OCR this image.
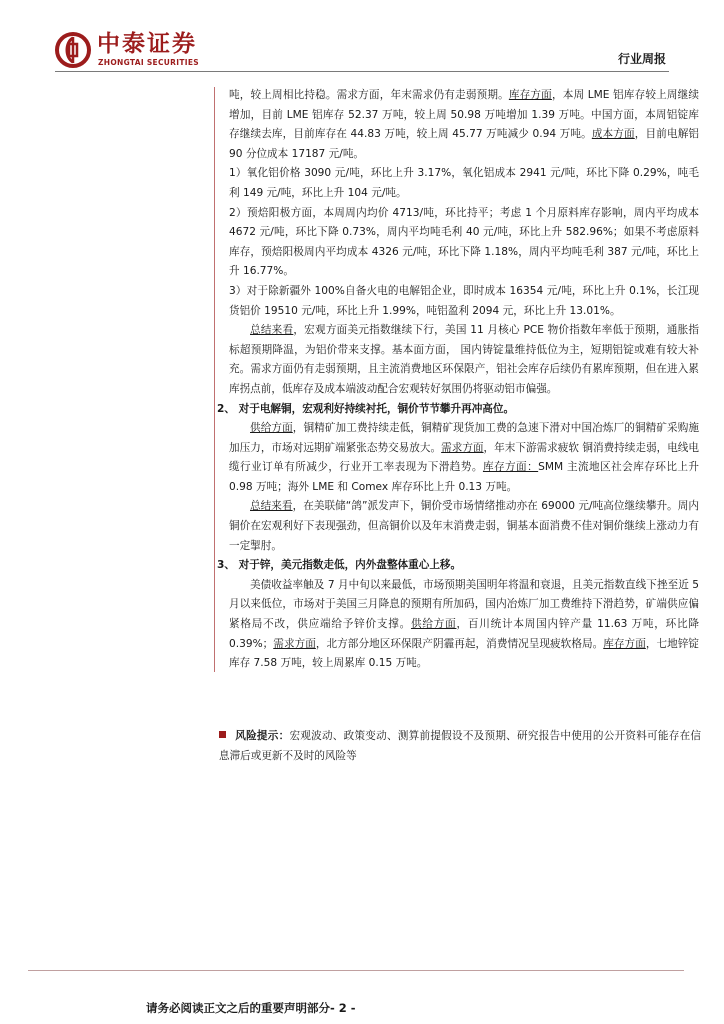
中泰证券
ZHONGTAI SECURITIES	行业周报

吨，较上周相比持稳。需求方面，年末需求仍有走弱预期。库存方面，本周 LME 铝库存较上周继续增加，目前 LME 铝库存 52.37 万吨，较上周 50.98 万吨增加 1.39 万吨。中国方面，本周铝锭库存继续去库，目前库存在 44.83 万吨，较上周 45.77 万吨减少 0.94 万吨。成本方面，目前电解铝 90 分位成本 17187 元/吨。

1）氧化铝价格 3090 元/吨，环比上升 3.17%，氧化铝成本 2941 元/吨，环比下降 0.29%，吨毛利 149 元/吨，环比上升 104 元/吨。

2）预焙阳极方面，本周周内均价 4713/吨，环比持平；考虑 1 个月原料库存影响，周内平均成本 4672 元/吨，环比下降 0.73%，周内平均吨毛利 40 元/吨，环比上升 582.96%；如果不考虑原料库存，预焙阳极周内平均成本 4326 元/吨，环比下降 1.18%，周内平均吨毛利 387 元/吨，环比上升 16.77%。

3）对于除新疆外 100%自备火电的电解铝企业，即时成本 16354 元/吨，环比上升 0.1%，长江现货铝价 19510 元/吨，环比上升 1.99%，吨铝盈利 2094 元，环比上升 13.01%。

总结来看，宏观方面美元指数继续下行，美国 11 月核心 PCE 物价指数年率低于预期，通胀指标超预期降温，为铝价带来支撑。基本面方面， 国内铸锭量维持低位为主，短期铝锭或难有较大补充。需求方面仍有走弱预期，且主流消费地区环保限产，铝社会库存后续仍有累库预期，但在进入累库拐点前，低库存及成本端波动配合宏观转好氛围仍将驱动铝市偏强。

2、 对于电解铜，宏观利好持续衬托，铜价节节攀升再冲高位。

供给方面，铜精矿加工费持续走低，铜精矿现货加工费的急速下滑对中国冶炼厂的铜精矿采购施加压力，市场对远期矿端紧张态势交易放大。需求方面，年末下游需求疲软 铜消费持续走弱，电线电缆行业订单有所减少，行业开工率表现为下滑趋势。库存方面：SMM 主流地区社会库存环比上升 0.98 万吨；海外 LME 和 Comex 库存环比上升 0.13 万吨。

总结来看，在美联储“鸽”派发声下，铜价受市场情绪推动亦在 69000 元/吨高位继续攀升。周内铜价在宏观利好下表现强劲，但高铜价以及年末消费走弱，铜基本面消费不佳对铜价继续上涨动力有一定掣肘。

3、 对于锌，美元指数走低，内外盘整体重心上移。

美债收益率触及 7 月中旬以来最低，市场预期美国明年将温和衰退，且美元指数直线下挫至近 5 月以来低位，市场对于美国三月降息的预期有所加码，国内冶炼厂加工费维持下滑趋势，矿端供应偏紧格局不改，供应端给予锌价支撑。供给方面，百川统计本周国内锌产量 11.63 万吨，环比降 0.39%；需求方面，北方部分地区环保限产阴霾再起，消费情况呈现疲软格局。库存方面，七地锌锭库存 7.58 万吨，较上周累库 0.15 万吨。

风险提示：宏观波动、政策变动、测算前提假设不及预期、研究报告中使用的公开资料可能存在信息滞后或更新不及时的风险等

请务必阅读正文之后的重要声明部分- 2 -
